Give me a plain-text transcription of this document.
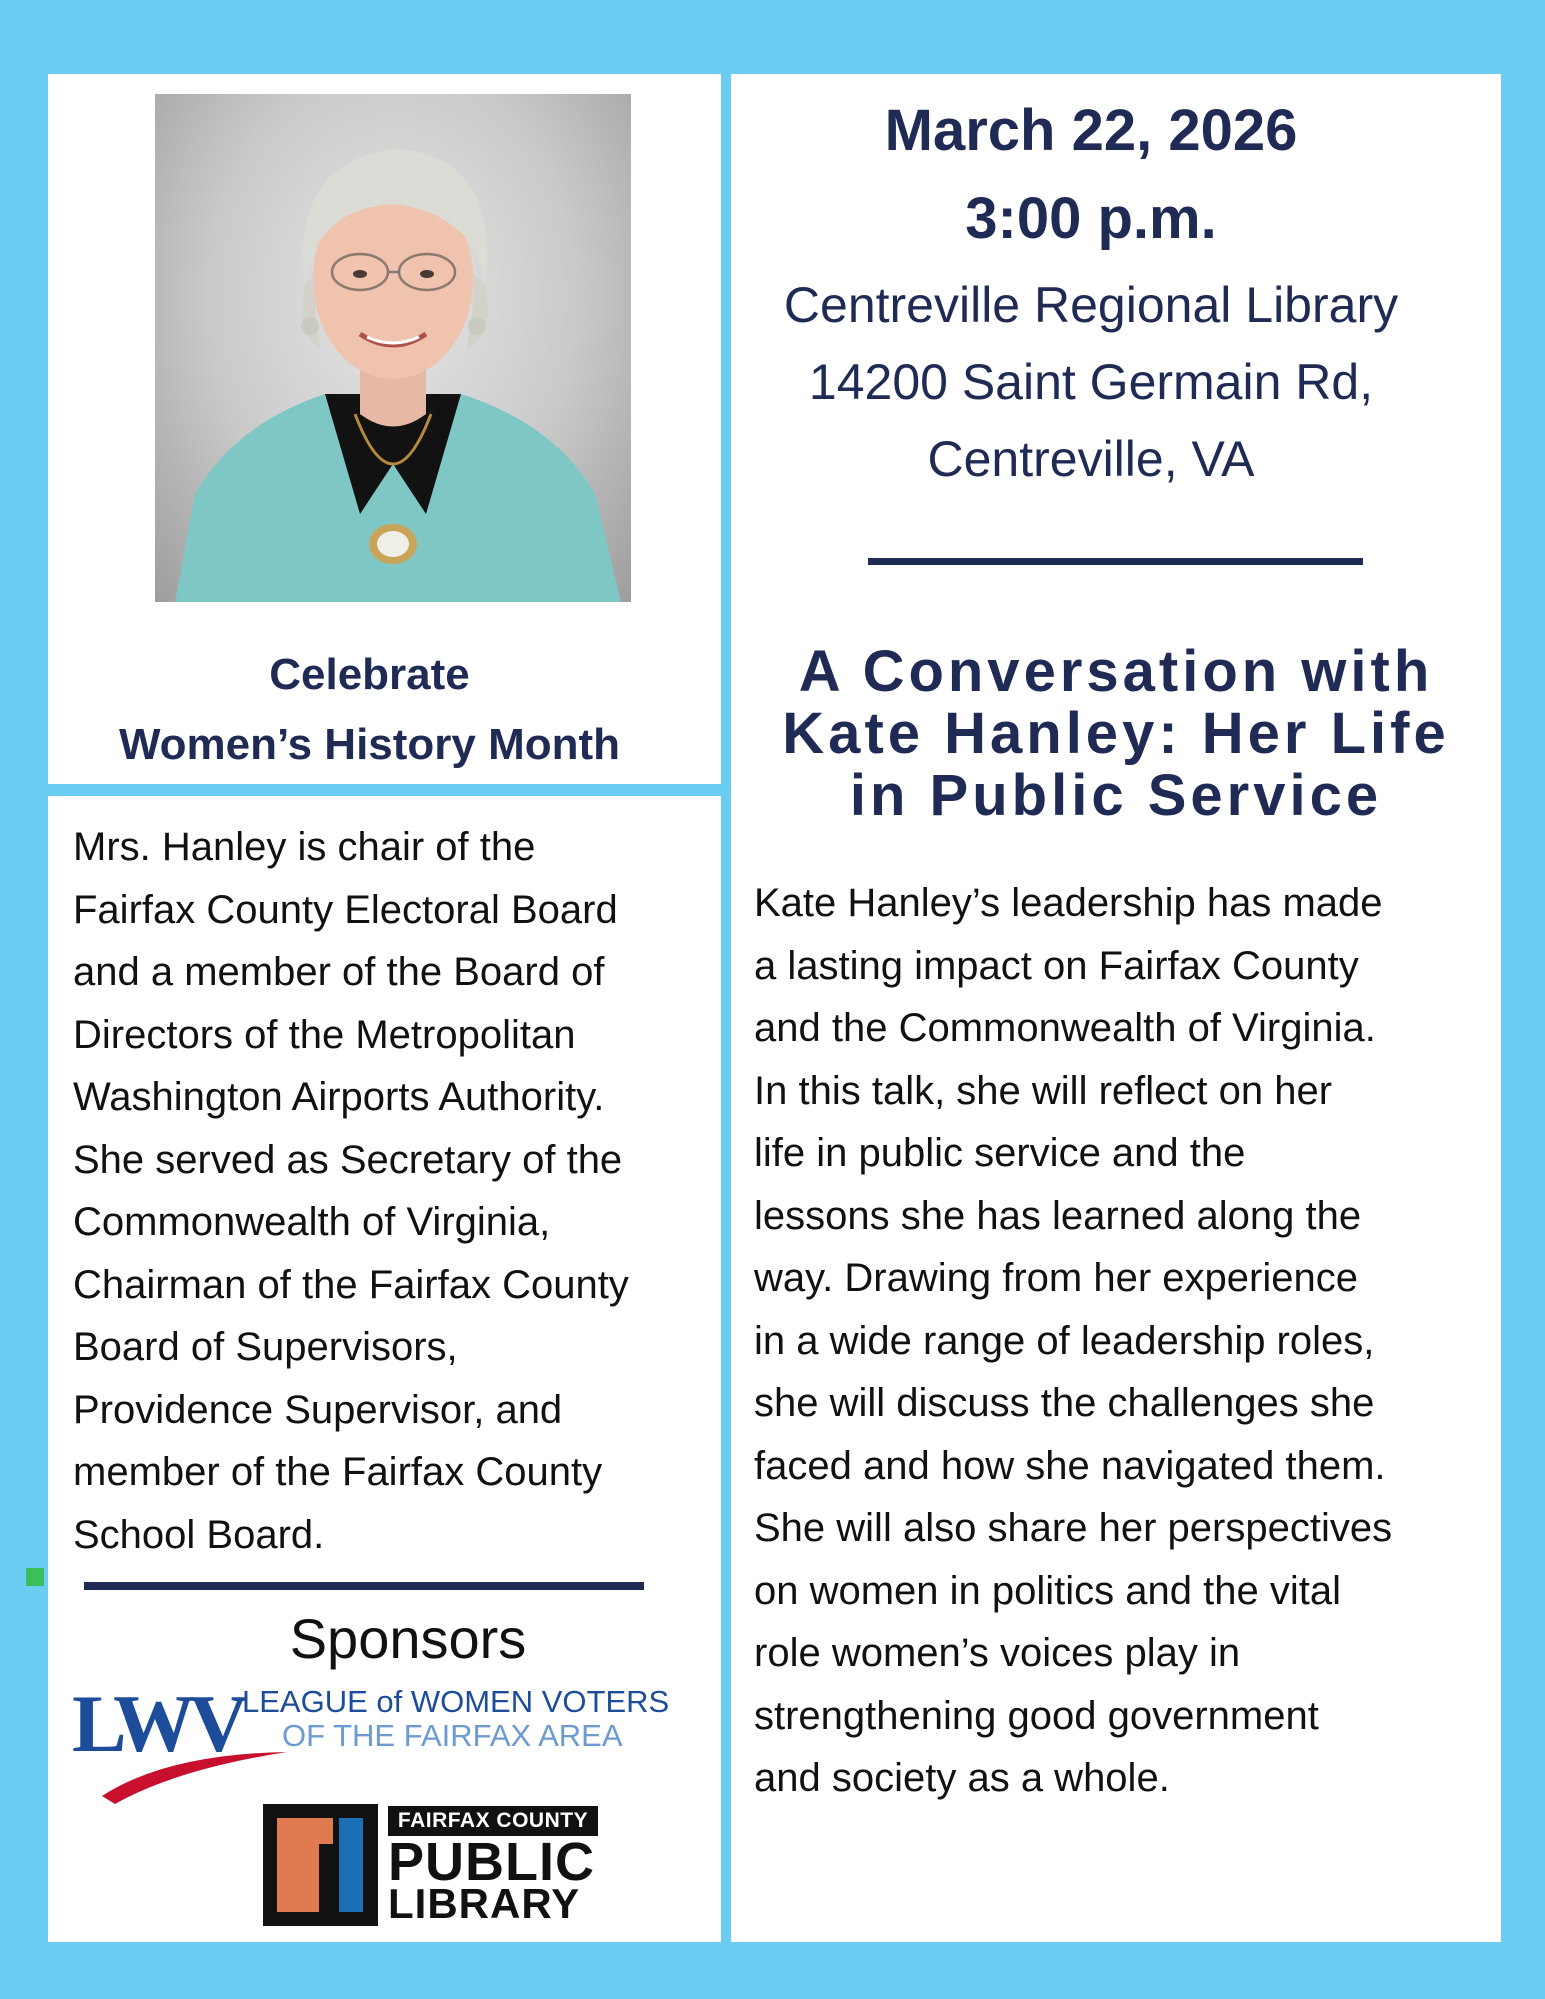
Celebrate
Women’s History Month
Mrs. Hanley is chair of the
Fairfax County Electoral Board
and a member of the Board of
Directors of the Metropolitan
Washington Airports Authority.
She served as Secretary of the
Commonwealth of Virginia,
Chairman of the Fairfax County
Board of Supervisors,
Providence Supervisor, and
member of the Fairfax County
School Board.
Sponsors
LWV LEAGUE of WOMEN VOTERS
OF THE FAIRFAX AREA
FAIRFAX COUNTY
PUBLIC
LIBRARY
March 22, 2026
3:00 p.m.
Centreville Regional Library
14200 Saint Germain Rd,
Centreville, VA
A Conversation with
Kate Hanley: Her Life
in Public Service
Kate Hanley’s leadership has made
a lasting impact on Fairfax County
and the Commonwealth of Virginia.
In this talk, she will reflect on her
life in public service and the
lessons she has learned along the
way. Drawing from her experience
in a wide range of leadership roles,
she will discuss the challenges she
faced and how she navigated them.
She will also share her perspectives
on women in politics and the vital
role women’s voices play in
strengthening good government
and society as a whole.
